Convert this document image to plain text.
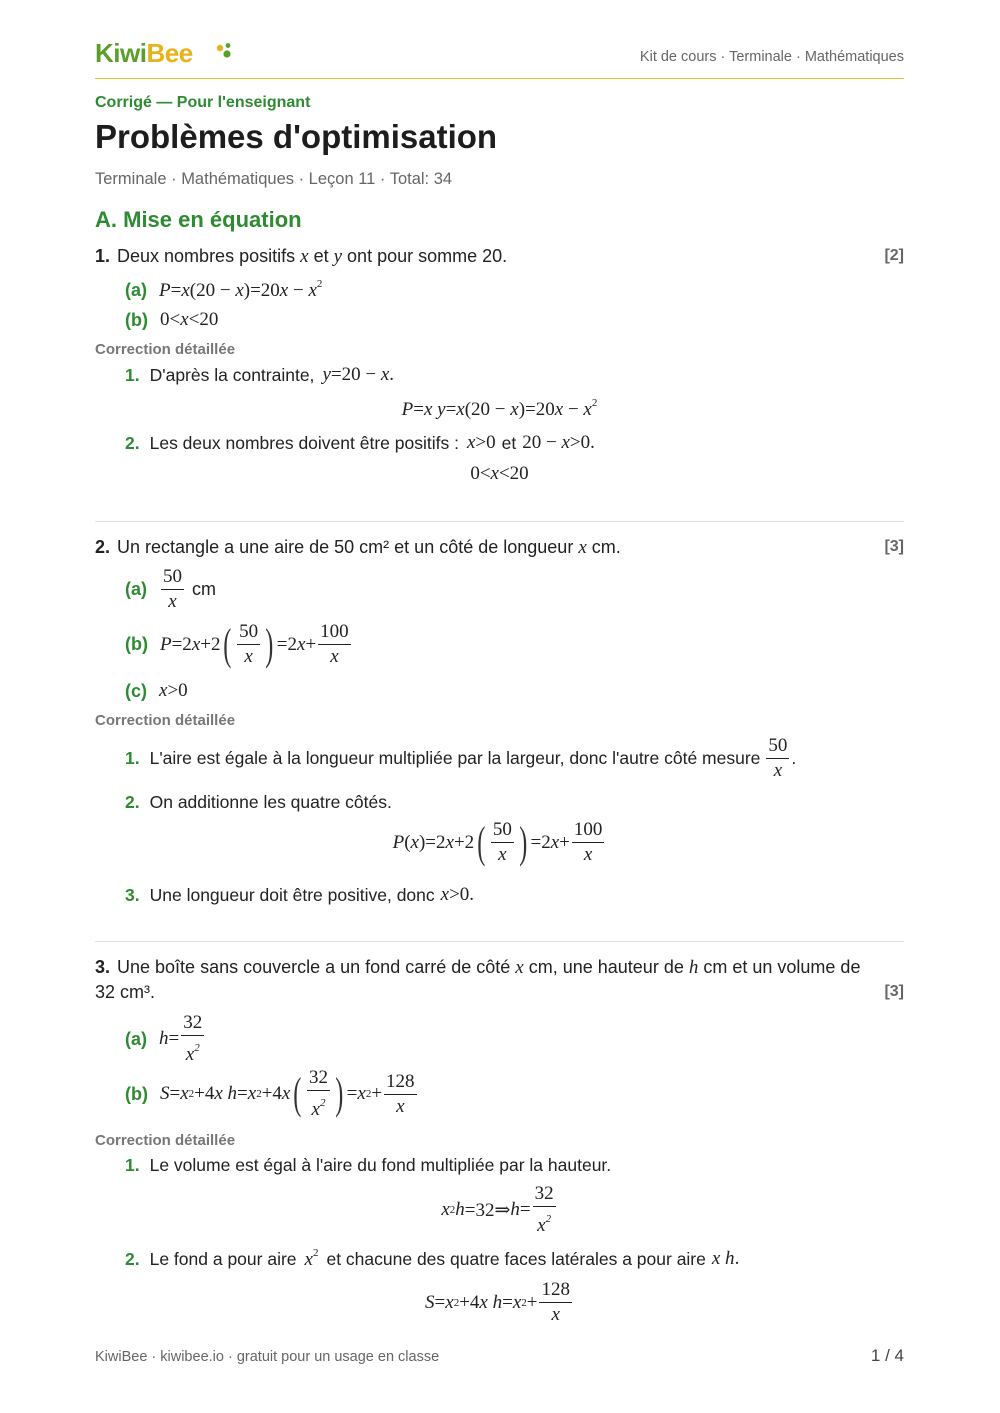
KiwiBee	Kit de cours · Terminale · Mathématiques
Corrigé — Pour l'enseignant
Problèmes d'optimisation
Terminale · Mathématiques · Leçon 11 · Total: 34
A. Mise en équation
1. Deux nombres positifs x et y ont pour somme 20.	[2]
(a) $P=x(20 - x)=20x - x^2$
(b) 0<x<20
Correction détaillée
1. D'après la contrainte, y=20 − x.
P=x $y=x(20 - x)=20x - x^2$
2. Les deux nombres doivent être positifs : x>0 et 20 − x>0.
0<x<20
2. Un rectangle a une aire de 50 cm² et un côté de longueur x cm.	[3]
$(a) \frac{50}{x}$ cm
(b) P =2 x +2 ( $\frac{50}{x}$ ) =2 $x + \frac{100}{x}$
(c) x>0
Correction détaillée
1. L'aire est égale à la longueur multipliée par la largeur, donc l'autre côté mesure $\frac{50}{x}$ .
2. On additionne les quatre côtés.
P ( x )=2 x +2 ( $\frac{50}{x}$ ) =2 $x + \frac{100}{x}$
3. Une longueur doit être positive, donc x>0.
3. Une boîte sans couvercle a un fond carré de côté x cm, une hauteur de h cm et un volume de
32 cm³.	[3]
(a) $h = \frac{32}{x^2}$
(b) S = x 2 +4 x h = x 2 +4 x ( $\frac{32}{x^2}$ ) = x $2 + \frac{128}{x}$
Correction détaillée
1. Le volume est égal à l'aire du fond multipliée par la hauteur.
x 2 h =32⇒ $h = \frac{32}{x^2}$
2. Le fond a pour aire $x^2$ et chacune des quatre faces latérales a pour aire x h.
S = x 2 +4 x h = x $2 + \frac{128}{x}$
KiwiBee · kiwibee.io · gratuit pour un usage en classe	1 / 4
